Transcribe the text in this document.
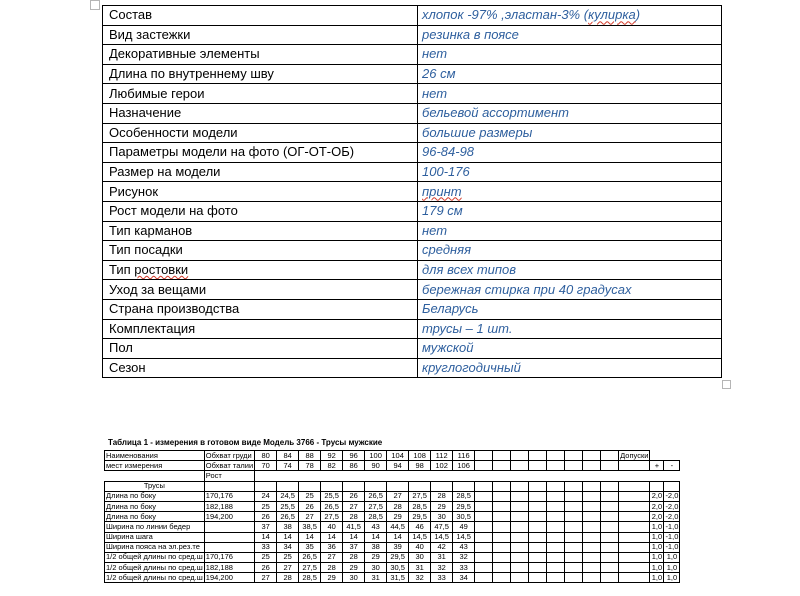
Состав	хлопок -97% ,эластан-3% (кулирка)
Вид застежки	резинка в поясе
Декоративные элементы	нет
Длина по внутреннему шву	26 см
Любимые герои	нет
Назначение	бельевой ассортимент
Особенности модели	большие размеры
Параметры модели на фото (ОГ-ОТ-ОБ)	96-84-98
Размер на модели	100-176
Рисунок	принт
Рост модели на фото	179 см
Тип карманов	нет
Тип посадки	средняя
Тип ростовки	для всех типов
Уход за вещами	бережная стирка при 40 градусах
Страна производства	Беларусь
Комплектация	трусы – 1 шт.
Пол	мужской
Сезон	круглогодичный
Таблица 1 - измерения в готовом виде Модель 3766 - Трусы мужские
Наименования	Обхват груди	80	84	88	92	96	100	104	108	112	116									Допуски		
мест измерения	Обхват талии	70	74	78	82	86	90	94	98	102	106										+	-
	Рост																					
Трусы																						
Длина по боку	170,176	24	24,5	25	25,5	26	26,5	27	27,5	28	28,5										2,0	-2,0
Длина по боку	182,188	25	25,5	26	26,5	27	27,5	28	28,5	29	29,5										2,0	-2,0
Длина по боку	194,200	26	26,5	27	27,5	28	28,5	29	29,5	30	30,5										2,0	-2,0
Ширина по линии бедер		37	38	38,5	40	41,5	43	44,5	46	47,5	49										1,0	-1,0
Ширина шага		14	14	14	14	14	14	14	14,5	14,5	14,5										1,0	-1,0
Ширина пояса на эл.рез.те		33	34	35	36	37	38	39	40	42	43										1,0	-1,0
1/2 общей длины по сред.ш	170,176	25	25	26,5	27	28	29	29,5	30	31	32										1,0	1,0
1/2 общей длины по сред.ш	182,188	26	27	27,5	28	29	30	30,5	31	32	33										1,0	1,0
1/2 общей длины по сред.ш	194,200	27	28	28,5	29	30	31	31,5	32	33	34										1,0	1,0
